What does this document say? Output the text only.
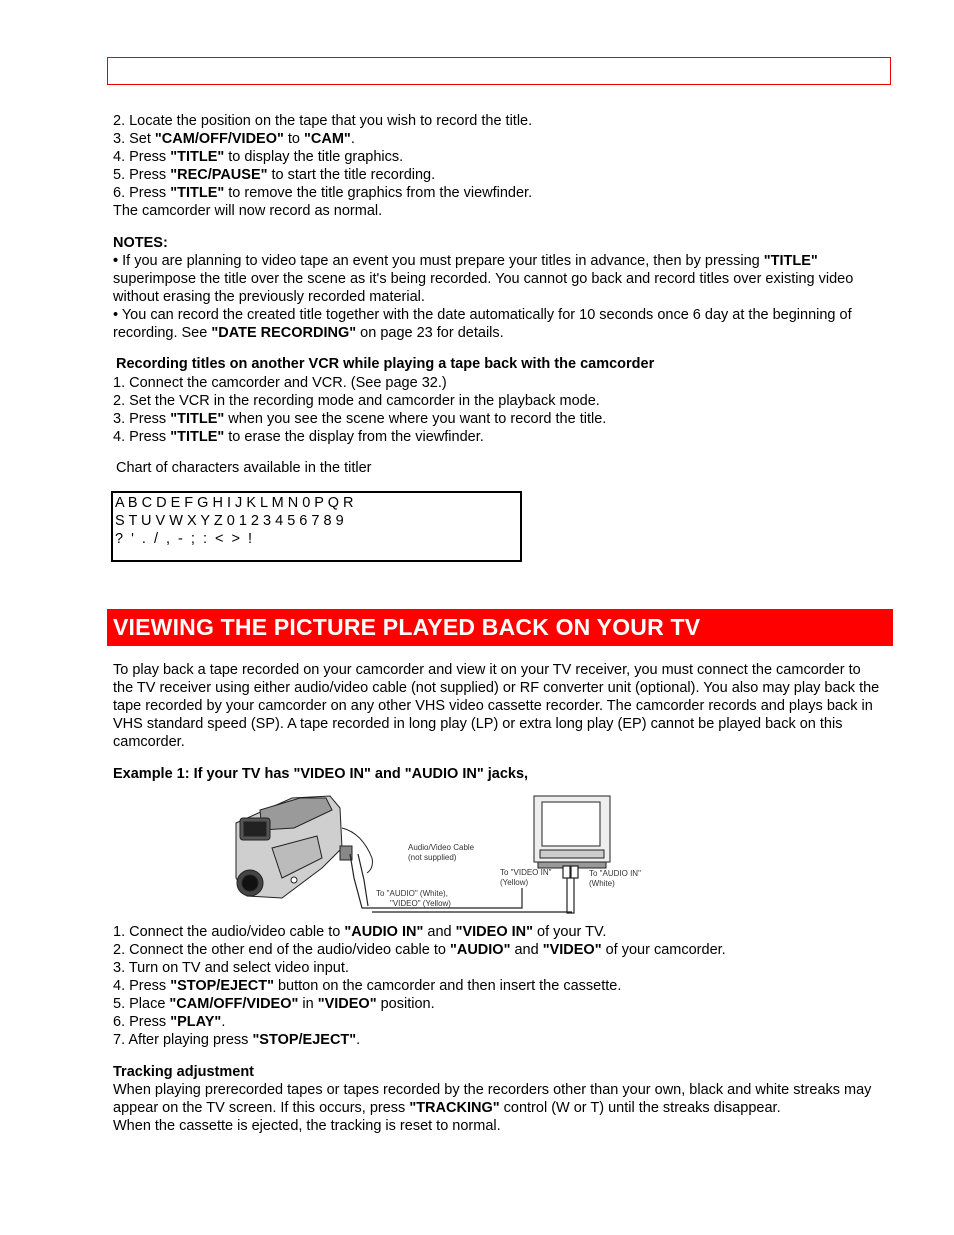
2. Locate the position on the tape that you wish to record the title.

3. Set "CAM/OFF/VIDEO" to "CAM".

4. Press "TITLE" to display the title graphics.

5. Press "REC/PAUSE" to start the title recording.

6. Press "TITLE" to remove the title graphics from the viewfinder.

The camcorder will now record as normal.

NOTES:

• If you are planning to video tape an event you must prepare your titles in advance, then by pressing "TITLE" superimpose the title over the scene as it's being recorded. You cannot go back and record titles over existing video without erasing the previously recorded material.

• You can record the created title together with the date automatically for 10 seconds once 6 day at the beginning of recording. See "DATE RECORDING" on page 23 for details.

Recording titles on another VCR while playing a tape back with the camcorder

1. Connect the camcorder and VCR. (See page 32.)

2. Set the VCR in the recording mode and camcorder in the playback mode.

3. Press "TITLE" when you see the scene where you want to record the title.

4. Press "TITLE" to erase the display from the viewfinder.

Chart of characters available in the titler

A B C D E F G H I J K L M N 0 P Q R
S T U V W X Y Z 0 1 2 3 4 5 6 7 8 9
? ' . / , - ; : < > !
VIEWING THE PICTURE PLAYED BACK ON YOUR TV

To play back a tape recorded on your camcorder and view it on your TV receiver, you must connect the camcorder to the TV receiver using either audio/video cable (not supplied) or RF converter unit (optional). You also may play back the tape recorded by your camcorder on any other VHS video cassette recorder. The camcorder records and plays back in VHS standard speed (SP). A tape recorded in long play (LP) or extra long play (EP) cannot be played back on this camcorder.

Example 1: If your TV has "VIDEO IN" and "AUDIO IN" jacks,

Audio/Video Cable
(not supplied)
To "VIDEO IN"
(Yellow)
To "AUDIO IN"
(White)
To "AUDIO" (White),
"VIDEO" (Yellow)

1. Connect the audio/video cable to "AUDIO IN" and "VIDEO IN" of your TV.

2. Connect the other end of the audio/video cable to "AUDIO" and "VIDEO" of your camcorder.

3. Turn on TV and select video input.

4. Press "STOP/EJECT" button on the camcorder and then insert the cassette.

5. Place "CAM/OFF/VIDEO" in "VIDEO" position.

6. Press "PLAY".

7. After playing press "STOP/EJECT".

Tracking adjustment

When playing prerecorded tapes or tapes recorded by the recorders other than your own, black and white streaks may appear on the TV screen. If this occurs, press "TRACKING" control (W or T) until the streaks disappear.

When the cassette is ejected, the tracking is reset to normal.
